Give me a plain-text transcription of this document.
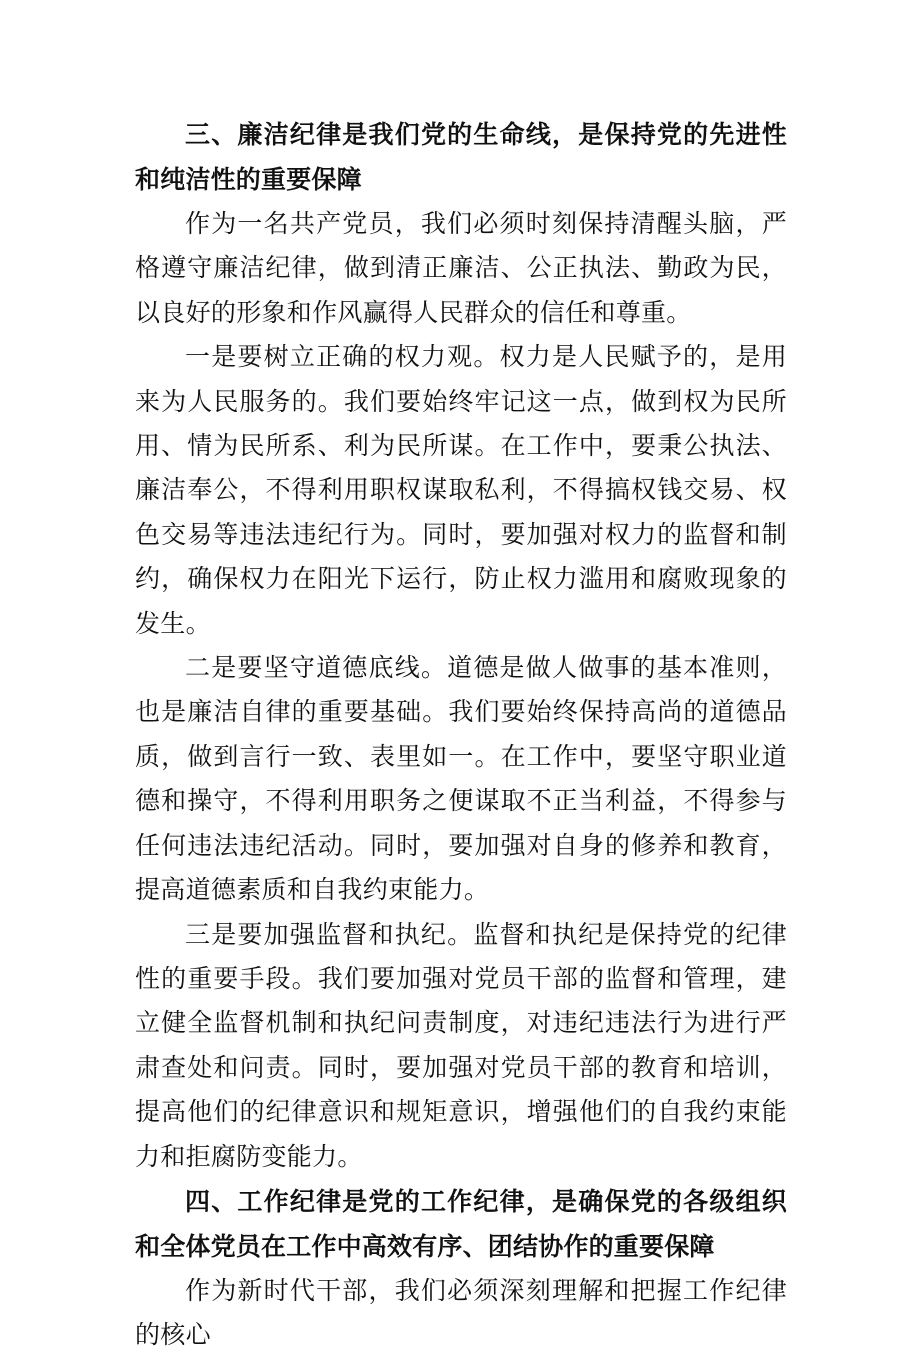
三、廉洁纪律是我们党的生命线，是保持党的先进性和纯洁性的重要保障

作为一名共产党员，我们必须时刻保持清醒头脑，严格遵守廉洁纪律，做到清正廉洁、公正执法、勤政为民，以良好的形象和作风赢得人民群众的信任和尊重。

一是要树立正确的权力观。权力是人民赋予的，是用来为人民服务的。我们要始终牢记这一点，做到权为民所用、情为民所系、利为民所谋。在工作中，要秉公执法、廉洁奉公，不得利用职权谋取私利，不得搞权钱交易、权色交易等违法违纪行为。同时，要加强对权力的监督和制约，确保权力在阳光下运行，防止权力滥用和腐败现象的发生。

二是要坚守道德底线。道德是做人做事的基本准则，也是廉洁自律的重要基础。我们要始终保持高尚的道德品质，做到言行一致、表里如一。在工作中，要坚守职业道德和操守，不得利用职务之便谋取不正当利益，不得参与任何违法违纪活动。同时，要加强对自身的修养和教育，提高道德素质和自我约束能力。

三是要加强监督和执纪。监督和执纪是保持党的纪律性的重要手段。我们要加强对党员干部的监督和管理，建立健全监督机制和执纪问责制度，对违纪违法行为进行严肃查处和问责。同时，要加强对党员干部的教育和培训，提高他们的纪律意识和规矩意识，增强他们的自我约束能力和拒腐防变能力。

四、工作纪律是党的工作纪律，是确保党的各级组织和全体党员在工作中高效有序、团结协作的重要保障

作为新时代干部，我们必须深刻理解和把握工作纪律的核心
